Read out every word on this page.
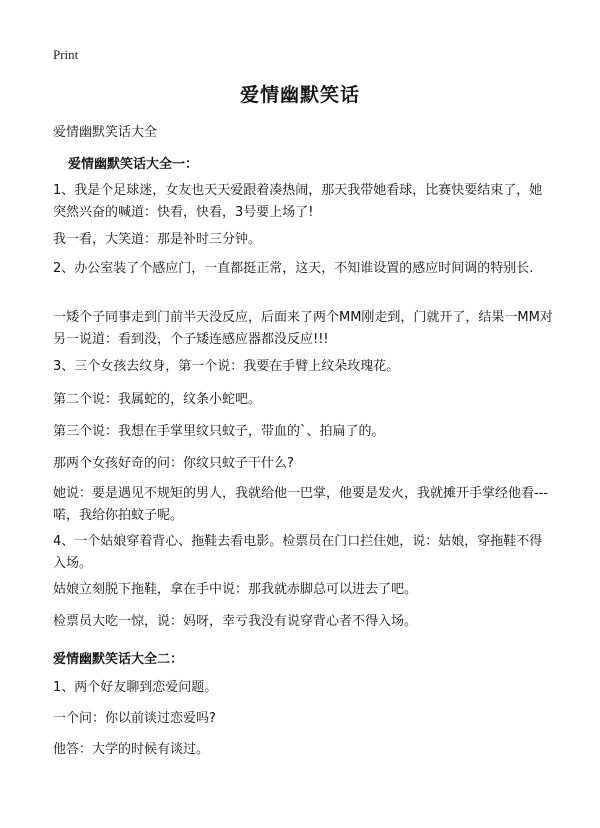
Print
爱情幽默笑话
爱情幽默笑话大全
爱情幽默笑话大全一：
1、我是个足球迷，女友也天天爱跟着凑热闹，那天我带她看球，比赛快要结束了，她突然兴奋的喊道：快看，快看，3号要上场了!
我一看，大笑道：那是补时三分钟。
2、办公室装了个感应门，一直都挺正常，这天，不知谁设置的感应时间调的特别长.
一矮个子同事走到门前半天没反应，后面来了两个MM刚走到，门就开了，结果一MM对另一说道：看到没，个子矮连感应器都没反应!!!
3、三个女孩去纹身，第一个说：我要在手臂上纹朵玫瑰花。
第二个说：我属蛇的，纹条小蛇吧。
第三个说：我想在手掌里纹只蚊子，带血的`、拍扁了的。
那两个女孩好奇的问：你纹只蚊子干什么?
她说：要是遇见不规矩的男人，我就给他一巴掌，他要是发火，我就摊开手掌经他看---喏，我给你拍蚊子呢。
4、一个姑娘穿着背心、拖鞋去看电影。检票员在门口拦住她，说：姑娘，穿拖鞋不得入场。
姑娘立刻脱下拖鞋，拿在手中说：那我就赤脚总可以进去了吧。
检票员大吃一惊，说：妈呀，幸亏我没有说穿背心者不得入场。
爱情幽默笑话大全二：
1、两个好友聊到恋爱问题。
一个问：你以前谈过恋爱吗?
他答：大学的时候有谈过。
